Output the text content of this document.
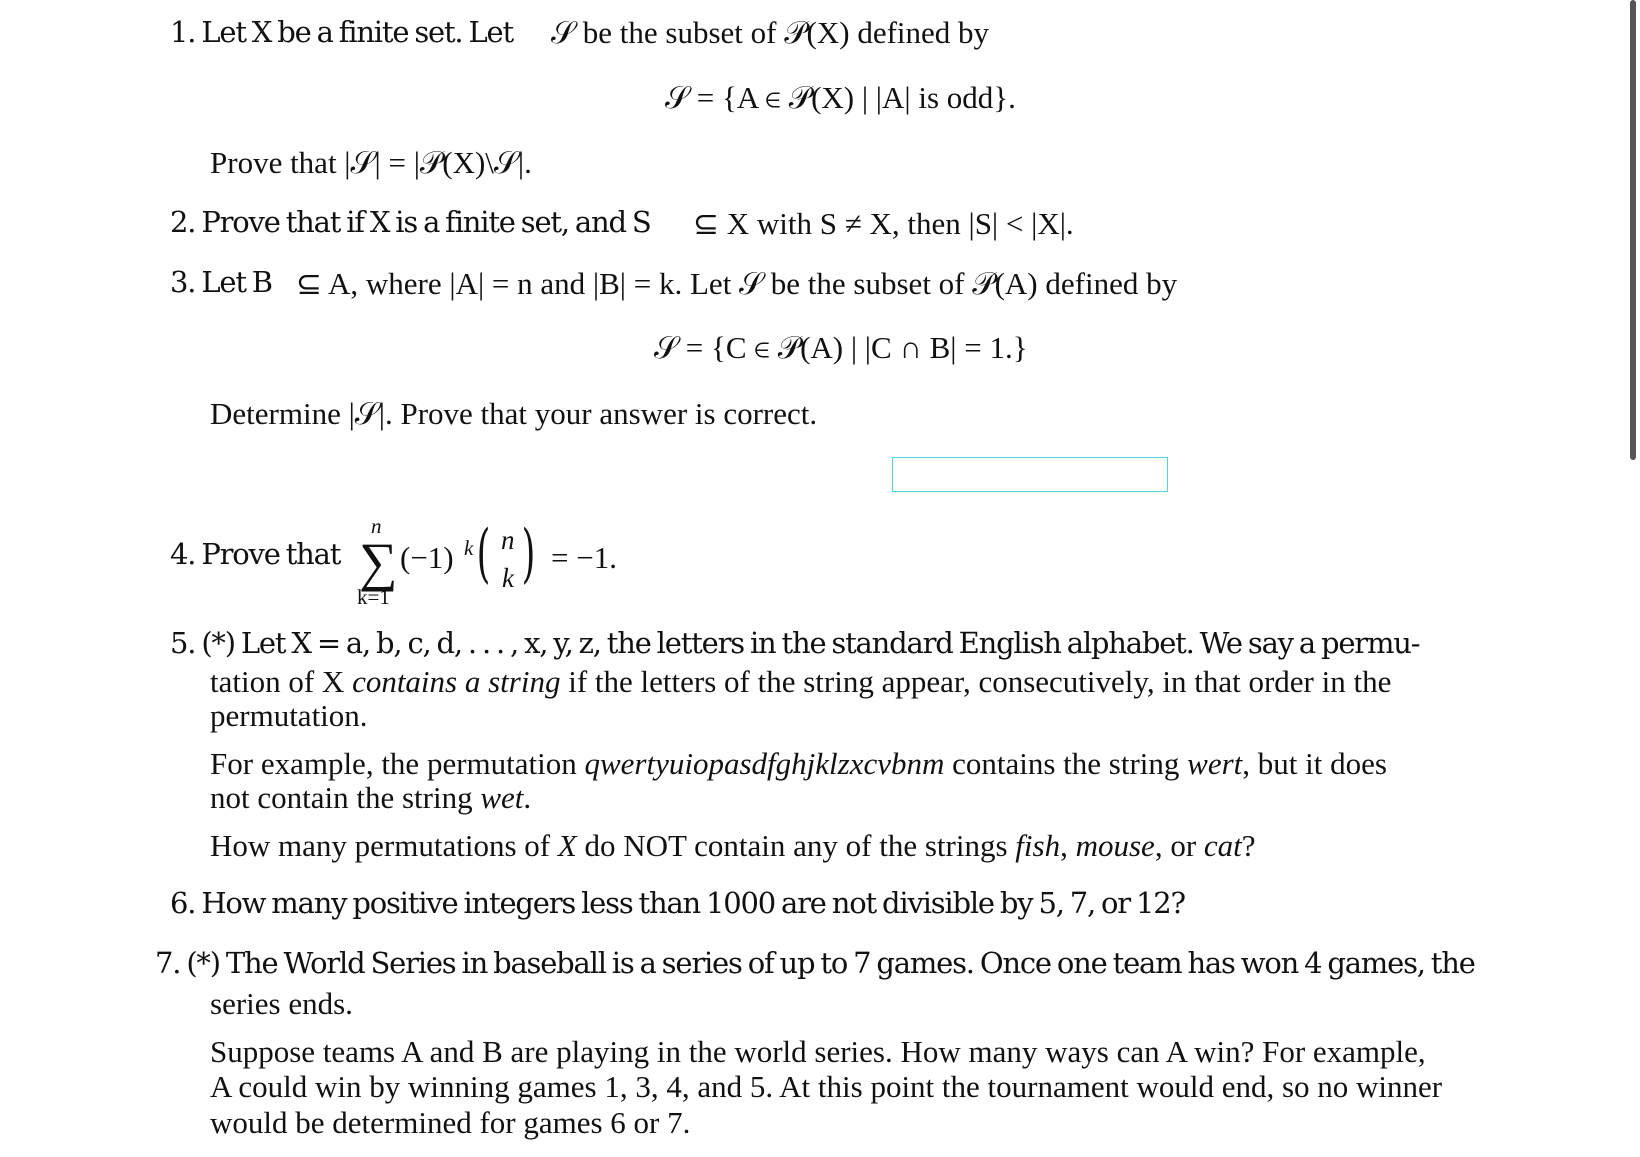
1. Let X be a finite set. Let 𝒮 be the subset of 𝒫(X) defined by
𝒮 = {A ∈ 𝒫(X) | |A| is odd}.
Prove that |𝒮| = |𝒫(X)\𝒮|.
2. Prove that if X is a finite set, and S ⊆ X with S ≠ X, then |S| < |X|.
3. Let B ⊆ A, where |A| = n and |B| = k. Let 𝒮 be the subset of 𝒫(A) defined by
𝒮 = {C ∈ 𝒫(A) | |C ∩ B| = 1.}
Determine |𝒮|. Prove that your answer is correct.
4. Prove that
n
∑
k=1
(−1) k ( n
k ) = −1.
5. (*) Let X = a, b, c, d, . . . , x, y, z, the letters in the standard English alphabet. We say a permu-
tation of X contains a string if the letters of the string appear, consecutively, in that order in the
permutation.
For example, the permutation qwertyuiopasdfghjklzxcvbnm contains the string wert, but it does
not contain the string wet.
How many permutations of X do NOT contain any of the strings fish, mouse, or cat?
6. How many positive integers less than 1000 are not divisible by 5, 7, or 12?
7. (*) The World Series in baseball is a series of up to 7 games. Once one team has won 4 games, the
series ends.
Suppose teams A and B are playing in the world series. How many ways can A win? For example,
A could win by winning games 1, 3, 4, and 5. At this point the tournament would end, so no winner
would be determined for games 6 or 7.
